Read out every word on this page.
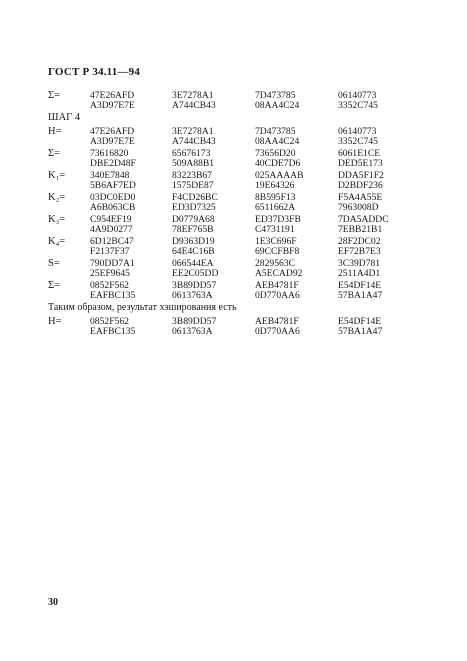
ГОСТ Р 34.11—94
Σ=	47E26AFD	3E7278A1	7D473785	06140773
A3D97E7E	A744CB43	08AA4C24	3352C745
ШАГ 4
H=	47E26AFD	3E7278A1	7D473785	06140773
A3D97E7E	A744CB43	08AA4C24	3352C745
Σ=	73616820	65676173	73656D20	6061E1CE
DBE2D48F	509A88B1	40CDE7D6	DED5E173
K₁=	340E7848	83223B67	025AAAAB	DDA5F1F2
5B6AF7ED	1575DE87	19E64326	D2BDF236
K₂=	03DC0ED0	F4CD26BC	8B595F13	F5A4A55E
A6B063CB	ED3D7325	6511662A	7963008D
K₃=	C954EF19	D0779A68	ED37D3FB	7DA5ADDC
4A9D0277	78EF765B	C4731191	7EBB21B1
K₄=	6D12BC47	D9363D19	1E3C696F	28F2DC02
F2137F37	64E4C16B	69CCFBF8	EF72B7E3
S=	790DD7A1	066544EA	2829563C	3C39D781
25EF9645	EE2C05DD	A5ECAD92	2511A4D1
Σ=	0852F562	3B89DD57	AEB4781F	E54DF14E
EAFBC135	0613763A	0D770AA6	57BA1A47
Таким образом, результат хэширования есть
H=	0852F562	3B89DD57	AEB4781F	E54DF14E
EAFBC135	0613763A	0D770AA6	57BA1A47
30
